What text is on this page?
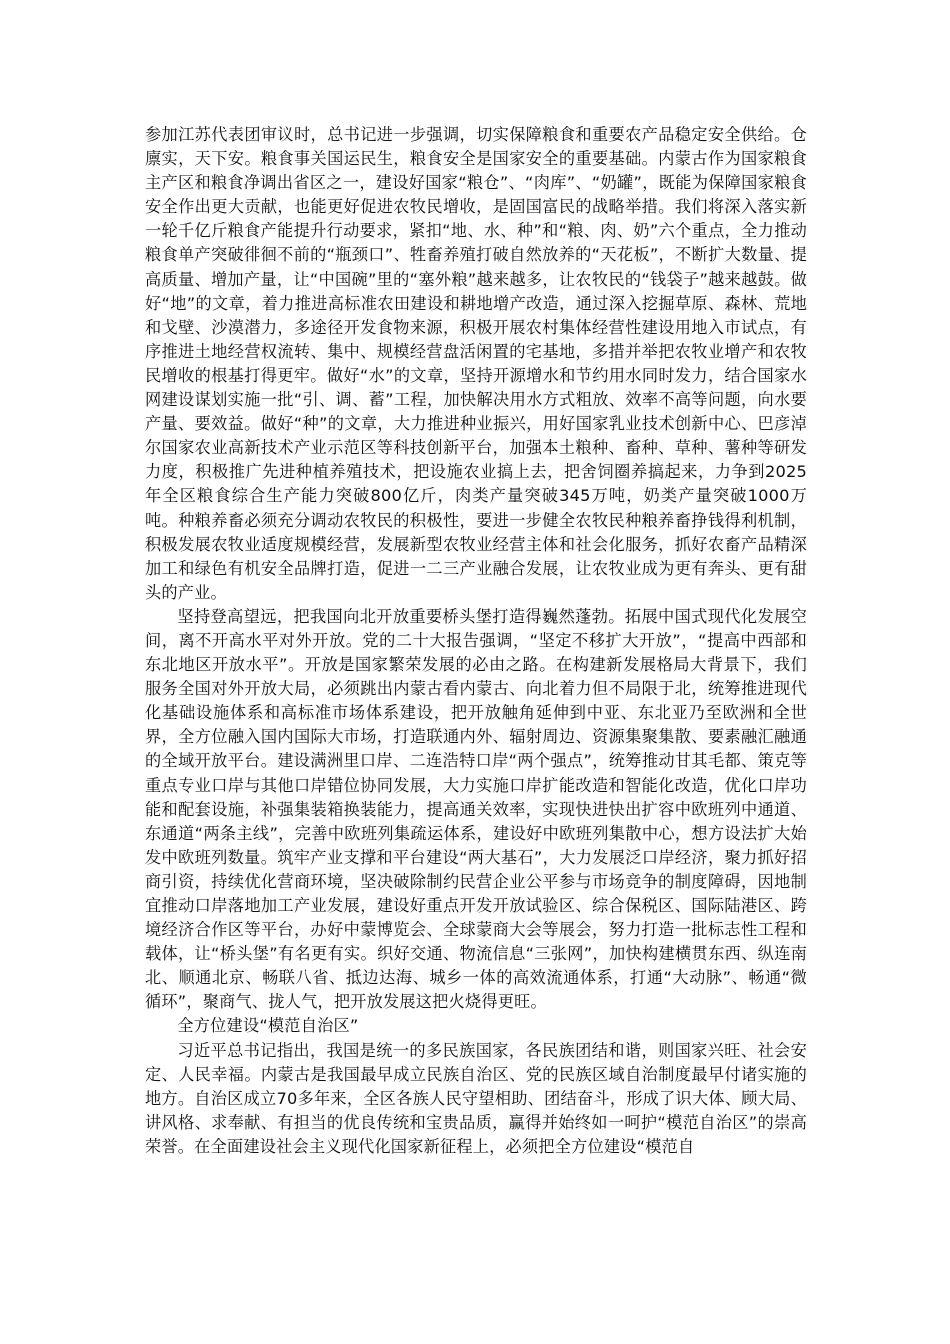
参加江苏代表团审议时，总书记进一步强调，切实保障粮食和重要农产品稳定安全供给。仓廪实，天下安。粮食事关国运民生，粮食安全是国家安全的重要基础。内蒙古作为国家粮食主产区和粮食净调出省区之一，建设好国家“粮仓”、“肉库”、“奶罐”，既能为保障国家粮食安全作出更大贡献，也能更好促进农牧民增收，是固国富民的战略举措。我们将深入落实新一轮千亿斤粮食产能提升行动要求，紧扣“地、水、种”和“粮、肉、奶”六个重点，全力推动粮食单产突破徘徊不前的“瓶颈口”、牲畜养殖打破自然放养的“天花板”，不断扩大数量、提高质量、增加产量，让“中国碗”里的“塞外粮”越来越多，让农牧民的“钱袋子”越来越鼓。做好“地”的文章，着力推进高标准农田建设和耕地增产改造，通过深入挖掘草原、森林、荒地和戈壁、沙漠潜力，多途径开发食物来源，积极开展农村集体经营性建设用地入市试点，有序推进土地经营权流转、集中、规模经营盘活闲置的宅基地，多措并举把农牧业增产和农牧民增收的根基打得更牢。做好“水”的文章，坚持开源增水和节约用水同时发力，结合国家水网建设谋划实施一批“引、调、蓄”工程，加快解决用水方式粗放、效率不高等问题，向水要产量、要效益。做好“种”的文章，大力推进种业振兴，用好国家乳业技术创新中心、巴彦淖尔国家农业高新技术产业示范区等科技创新平台，加强本土粮种、畜种、草种、薯种等研发力度，积极推广先进种植养殖技术，把设施农业搞上去，把舍饲圈养搞起来，力争到2025年全区粮食综合生产能力突破800亿斤，肉类产量突破345万吨，奶类产量突破1000万吨。种粮养畜必须充分调动农牧民的积极性，要进一步健全农牧民种粮养畜挣钱得利机制，积极发展农牧业适度规模经营，发展新型农牧业经营主体和社会化服务，抓好农畜产品精深加工和绿色有机安全品牌打造，促进一二三产业融合发展，让农牧业成为更有奔头、更有甜头的产业。

坚持登高望远，把我国向北开放重要桥头堡打造得巍然蓬勃。拓展中国式现代化发展空间，离不开高水平对外开放。党的二十大报告强调，“坚定不移扩大开放”，“提高中西部和东北地区开放水平”。开放是国家繁荣发展的必由之路。在构建新发展格局大背景下，我们服务全国对外开放大局，必须跳出内蒙古看内蒙古、向北着力但不局限于北，统筹推进现代化基础设施体系和高标准市场体系建设，把开放触角延伸到中亚、东北亚乃至欧洲和全世界，全方位融入国内国际大市场，打造联通内外、辐射周边、资源集聚集散、要素融汇融通的全域开放平台。建设满洲里口岸、二连浩特口岸“两个强点”，统筹推动甘其毛都、策克等重点专业口岸与其他口岸错位协同发展，大力实施口岸扩能改造和智能化改造，优化口岸功能和配套设施，补强集装箱换装能力，提高通关效率，实现快进快出扩容中欧班列中通道、东通道“两条主线”，完善中欧班列集疏运体系，建设好中欧班列集散中心，想方设法扩大始发中欧班列数量。筑牢产业支撑和平台建设“两大基石”，大力发展泛口岸经济，聚力抓好招商引资，持续优化营商环境，坚决破除制约民营企业公平参与市场竞争的制度障碍，因地制宜推动口岸落地加工产业发展，建设好重点开发开放试验区、综合保税区、国际陆港区、跨境经济合作区等平台，办好中蒙博览会、全球蒙商大会等展会，努力打造一批标志性工程和载体，让“桥头堡”有名更有实。织好交通、物流信息“三张网”，加快构建横贯东西、纵连南北、顺通北京、畅联八省、抵边达海、城乡一体的高效流通体系，打通“大动脉”、畅通“微循环”，聚商气、拢人气，把开放发展这把火烧得更旺。

全方位建设“模范自治区”

习近平总书记指出，我国是统一的多民族国家，各民族团结和谐，则国家兴旺、社会安定、人民幸福。内蒙古是我国最早成立民族自治区、党的民族区域自治制度最早付诸实施的地方。自治区成立70多年来，全区各族人民守望相助、团结奋斗，形成了识大体、顾大局、讲风格、求奉献、有担当的优良传统和宝贵品质，赢得并始终如一呵护“模范自治区”的崇高荣誉。在全面建设社会主义现代化国家新征程上，必须把全方位建设“模范自
